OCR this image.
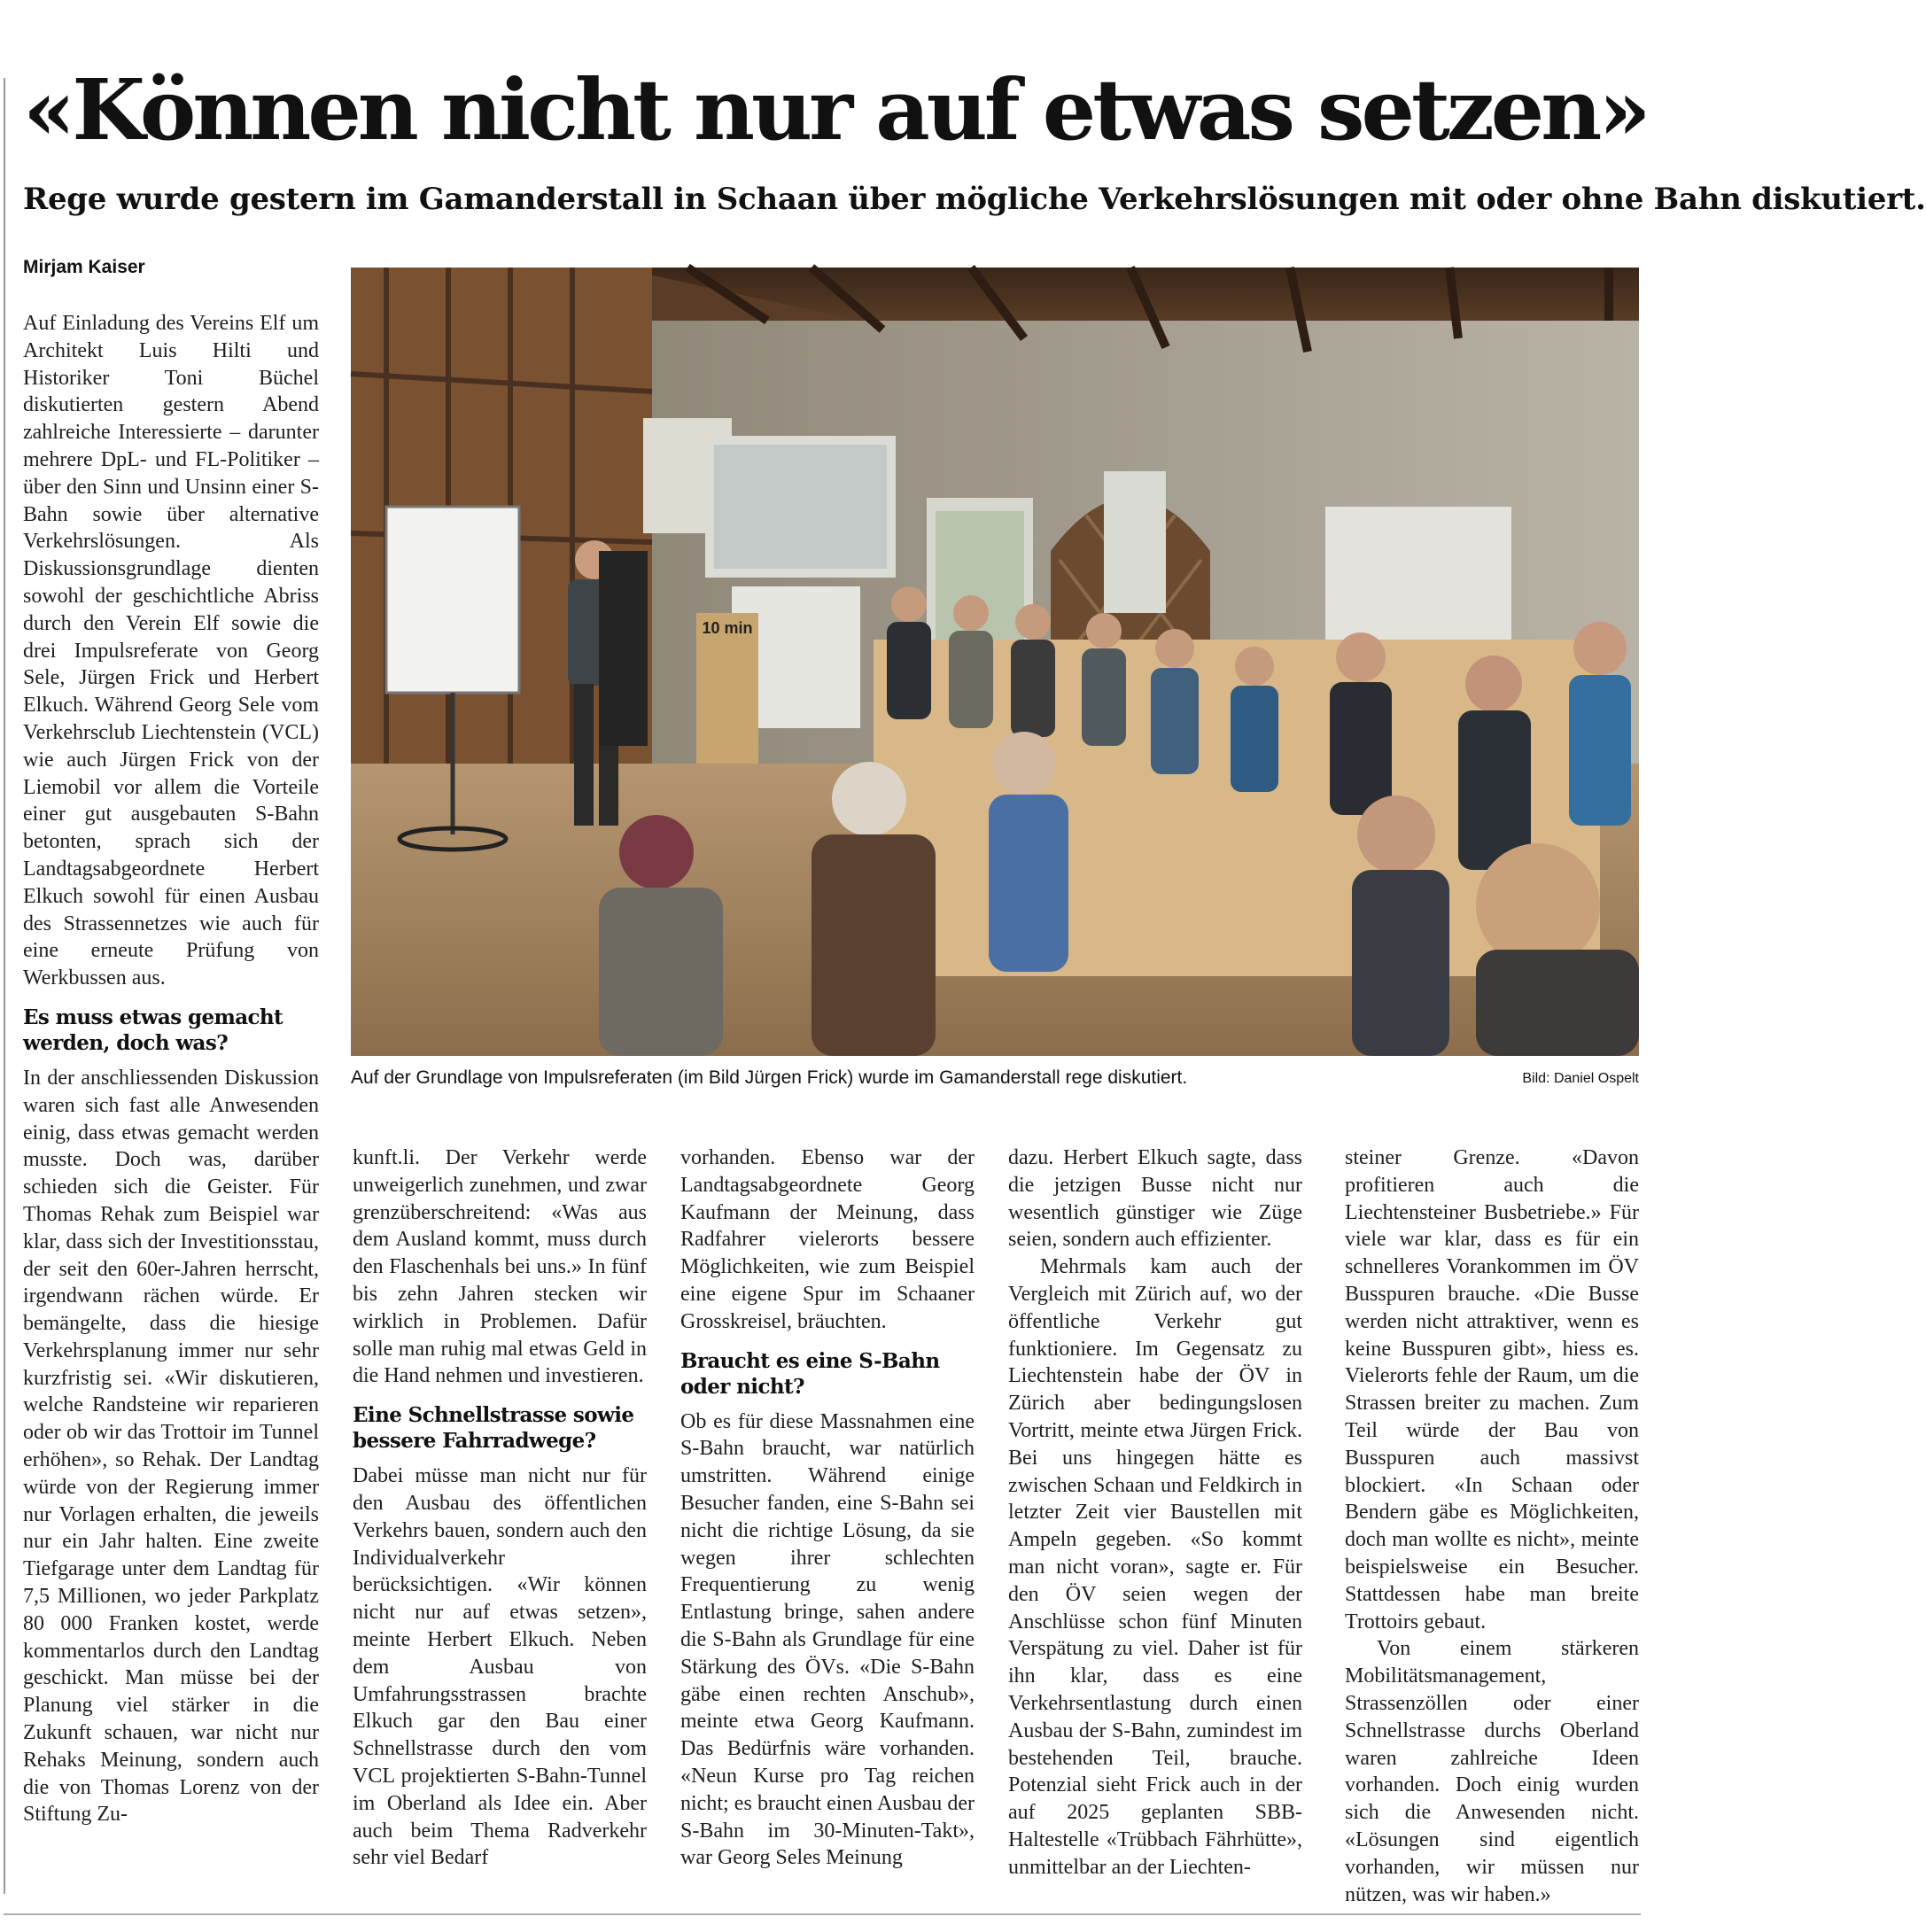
«Können nicht nur auf etwas setzen»
Rege wurde gestern im Gamanderstall in Schaan über mögliche Verkehrslösungen mit oder ohne Bahn diskutiert.
Mirjam Kaiser
10 min
Auf der Grundlage von Impulsreferaten (im Bild Jürgen Frick) wurde im Gamanderstall rege diskutiert.	Bild: Daniel Ospelt

Auf Einladung des Vereins Elf um Architekt Luis Hilti und Historiker Toni Büchel diskutierten gestern Abend zahlreiche Interessierte – darunter mehrere DpL- und FL-Politiker – über den Sinn und Unsinn einer S-Bahn sowie über alternative Verkehrslösungen. Als Diskussionsgrundlage dienten sowohl der geschichtliche Abriss durch den Verein Elf sowie die drei Impulsreferate von Georg Sele, Jürgen Frick und Herbert Elkuch. Während Georg Sele vom Verkehrsclub Liechtenstein (VCL) wie auch Jürgen Frick von der Liemobil vor allem die Vorteile einer gut ausgebauten S-Bahn betonten, sprach sich der Landtagsabgeordnete Herbert Elkuch sowohl für einen Ausbau des Strassennetzes wie auch für eine erneute Prüfung von Werkbussen aus.

Es muss etwas gemacht werden, doch was?

In der anschliessenden Diskussion waren sich fast alle Anwesenden einig, dass etwas gemacht werden musste. Doch was, darüber schieden sich die Geister. Für Thomas Rehak zum Beispiel war klar, dass sich der Investitionsstau, der seit den 60er-Jahren herrscht, irgendwann rächen würde. Er bemängelte, dass die hiesige Verkehrsplanung immer nur sehr kurzfristig sei. «Wir diskutieren, welche Randsteine wir reparieren oder ob wir das Trottoir im Tunnel erhöhen», so Rehak. Der Landtag würde von der Regierung immer nur Vorlagen erhalten, die jeweils nur ein Jahr halten. Eine zweite Tiefgarage unter dem Landtag für 7,5 Millionen, wo jeder Parkplatz 80 000 Franken kostet, werde kommentarlos durch den Landtag geschickt. Man müsse bei der Planung viel stärker in die Zukunft schauen, war nicht nur Rehaks Meinung, sondern auch die von Thomas Lorenz von der Stiftung Zu-

kunft.li. Der Verkehr werde unweigerlich zunehmen, und zwar grenzüberschreitend: «Was aus dem Ausland kommt, muss durch den Flaschenhals bei uns.» In fünf bis zehn Jahren stecken wir wirklich in Problemen. Dafür solle man ruhig mal etwas Geld in die Hand nehmen und investieren.

Eine Schnellstrasse sowie bessere Fahrradwege?

Dabei müsse man nicht nur für den Ausbau des öffentlichen Verkehrs bauen, sondern auch den Individualverkehr berücksichtigen. «Wir können nicht nur auf etwas setzen», meinte Herbert Elkuch. Neben dem Ausbau von Umfahrungsstrassen brachte Elkuch gar den Bau einer Schnellstrasse durch den vom VCL projektierten S-Bahn-Tunnel im Oberland als Idee ein. Aber auch beim Thema Radverkehr sehr viel Bedarf

vorhanden. Ebenso war der Landtagsabgeordnete Georg Kaufmann der Meinung, dass Radfahrer vielerorts bessere Möglichkeiten, wie zum Beispiel eine eigene Spur im Schaaner Grosskreisel, bräuchten.

Braucht es eine S-Bahn oder nicht?

Ob es für diese Massnahmen eine S-Bahn braucht, war natürlich umstritten. Während einige Besucher fanden, eine S-Bahn sei nicht die richtige Lösung, da sie wegen ihrer schlechten Frequentierung zu wenig Entlastung bringe, sahen andere die S-Bahn als Grundlage für eine Stärkung des ÖVs. «Die S-Bahn gäbe einen rechten Anschub», meinte etwa Georg Kaufmann. Das Bedürfnis wäre vorhanden. «Neun Kurse pro Tag reichen nicht; es braucht einen Ausbau der S-Bahn im 30-Minuten-Takt», war Georg Seles Meinung

dazu. Herbert Elkuch sagte, dass die jetzigen Busse nicht nur wesentlich günstiger wie Züge seien, sondern auch effizienter.

Mehrmals kam auch der Vergleich mit Zürich auf, wo der öffentliche Verkehr gut funktioniere. Im Gegensatz zu Liechtenstein habe der ÖV in Zürich aber bedingungslosen Vortritt, meinte etwa Jürgen Frick. Bei uns hingegen hätte es zwischen Schaan und Feldkirch in letzter Zeit vier Baustellen mit Ampeln gegeben. «So kommt man nicht voran», sagte er. Für den ÖV seien wegen der Anschlüsse schon fünf Minuten Verspätung zu viel. Daher ist für ihn klar, dass es eine Verkehrsentlastung durch einen Ausbau der S-Bahn, zumindest im bestehenden Teil, brauche. Potenzial sieht Frick auch in der auf 2025 geplanten SBB-Haltestelle «Trübbach Fährhütte», unmittelbar an der Liechten-

steiner Grenze. «Davon profitieren auch die Liechtensteiner Busbetriebe.» Für viele war klar, dass es für ein schnelleres Vorankommen im ÖV Busspuren brauche. «Die Busse werden nicht attraktiver, wenn es keine Busspuren gibt», hiess es. Vielerorts fehle der Raum, um die Strassen breiter zu machen. Zum Teil würde der Bau von Busspuren auch massivst blockiert. «In Schaan oder Bendern gäbe es Möglichkeiten, doch man wollte es nicht», meinte beispielsweise ein Besucher. Stattdessen habe man breite Trottoirs gebaut.

Von einem stärkeren Mobilitätsmanagement, Strassenzöllen oder einer Schnellstrasse durchs Oberland waren zahlreiche Ideen vorhanden. Doch einig wurden sich die Anwesenden nicht. «Lösungen sind eigentlich vorhanden, wir müssen nur nützen, was wir haben.»
